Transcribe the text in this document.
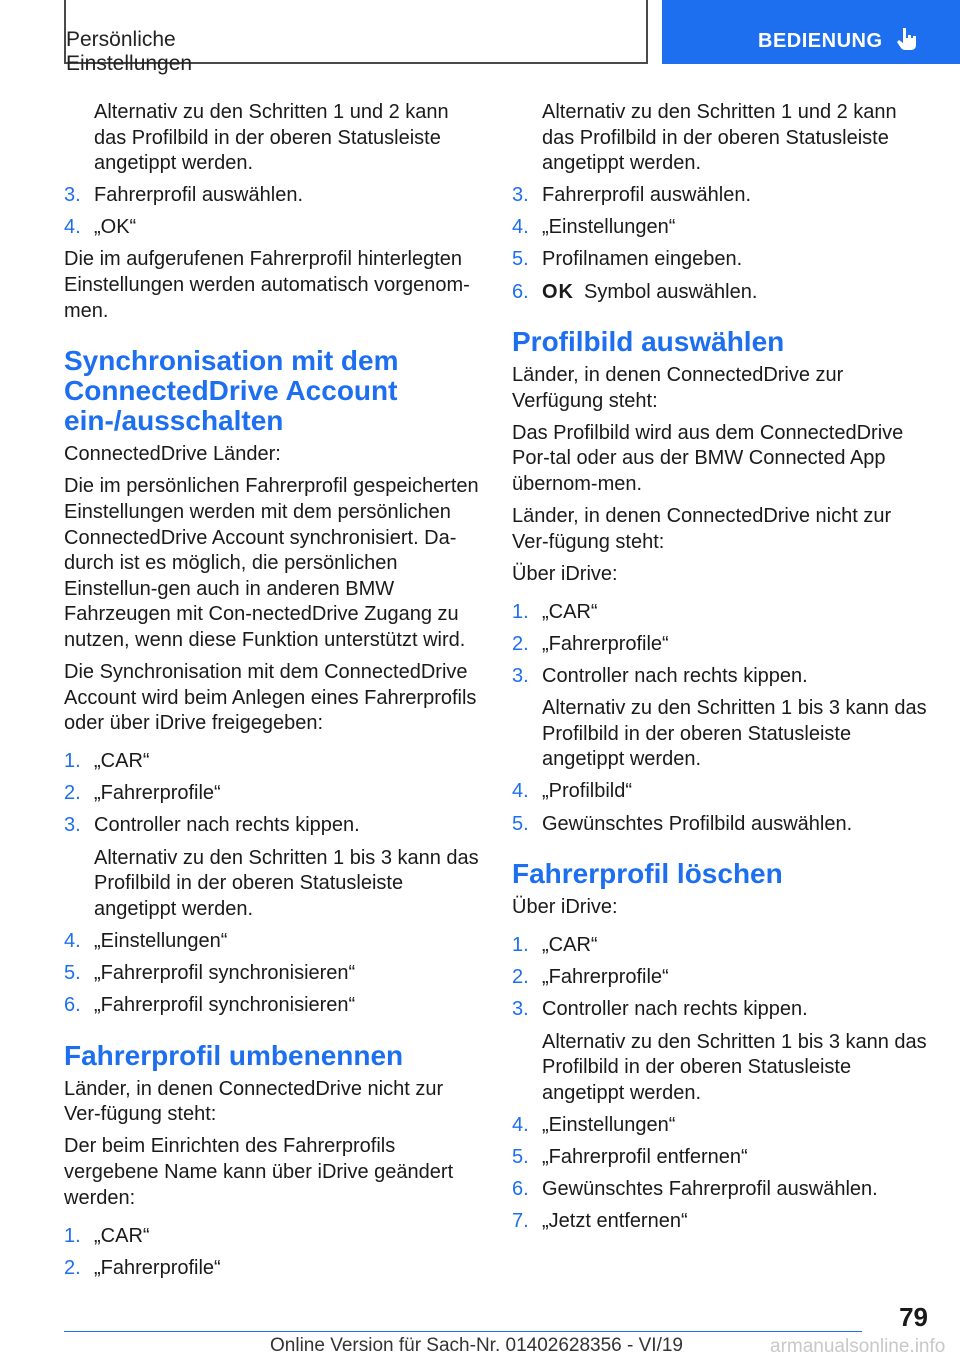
Persönliche Einstellungen
BEDIENUNG

Alternativ zu den Schritten 1 und 2 kann das Profilbild in der oberen Statusleiste angetippt werden.

3. Fahrerprofil auswählen.
4. „OK“

Die im aufgerufenen Fahrerprofil hinterlegten Einstellungen werden automatisch vorgenom-men.

Synchronisation mit dem ConnectedDrive Account ein-/ausschalten

ConnectedDrive Länder:

Die im persönlichen Fahrerprofil gespeicherten Einstellungen werden mit dem persönlichen ConnectedDrive Account synchronisiert. Da-durch ist es möglich, die persönlichen Einstellun-gen auch in anderen BMW Fahrzeugen mit Con-nectedDrive Zugang zu nutzen, wenn diese Funktion unterstützt wird.

Die Synchronisation mit dem ConnectedDrive Account wird beim Anlegen eines Fahrerprofils oder über iDrive freigegeben:

1. „CAR“
2. „Fahrerprofile“
3. Controller nach rechts kippen.

Alternativ zu den Schritten 1 bis 3 kann das Profilbild in der oberen Statusleiste angetippt werden.

4. „Einstellungen“
5. „Fahrerprofil synchronisieren“
6. „Fahrerprofil synchronisieren“
Fahrerprofil umbenennen

Länder, in denen ConnectedDrive nicht zur Ver-fügung steht:

Der beim Einrichten des Fahrerprofils vergebene Name kann über iDrive geändert werden:

1. „CAR“
2. „Fahrerprofile“

Alternativ zu den Schritten 1 und 2 kann das Profilbild in der oberen Statusleiste angetippt werden.

3. Fahrerprofil auswählen.
4. „Einstellungen“
5. Profilnamen eingeben.
6. OK Symbol auswählen.
Profilbild auswählen

Länder, in denen ConnectedDrive zur Verfügung steht:

Das Profilbild wird aus dem ConnectedDrive Por-tal oder aus der BMW Connected App übernom-men.

Länder, in denen ConnectedDrive nicht zur Ver-fügung steht:

Über iDrive:

1. „CAR“
2. „Fahrerprofile“
3. Controller nach rechts kippen.

Alternativ zu den Schritten 1 bis 3 kann das Profilbild in der oberen Statusleiste angetippt werden.

4. „Profilbild“
5. Gewünschtes Profilbild auswählen.
Fahrerprofil löschen

Über iDrive:

1. „CAR“
2. „Fahrerprofile“
3. Controller nach rechts kippen.

Alternativ zu den Schritten 1 bis 3 kann das Profilbild in der oberen Statusleiste angetippt werden.

4. „Einstellungen“
5. „Fahrerprofil entfernen“
6. Gewünschtes Fahrerprofil auswählen.
7. „Jetzt entfernen“
79
Online Version für Sach-Nr. 01402628356 - VI/19	armanualsonline.info
